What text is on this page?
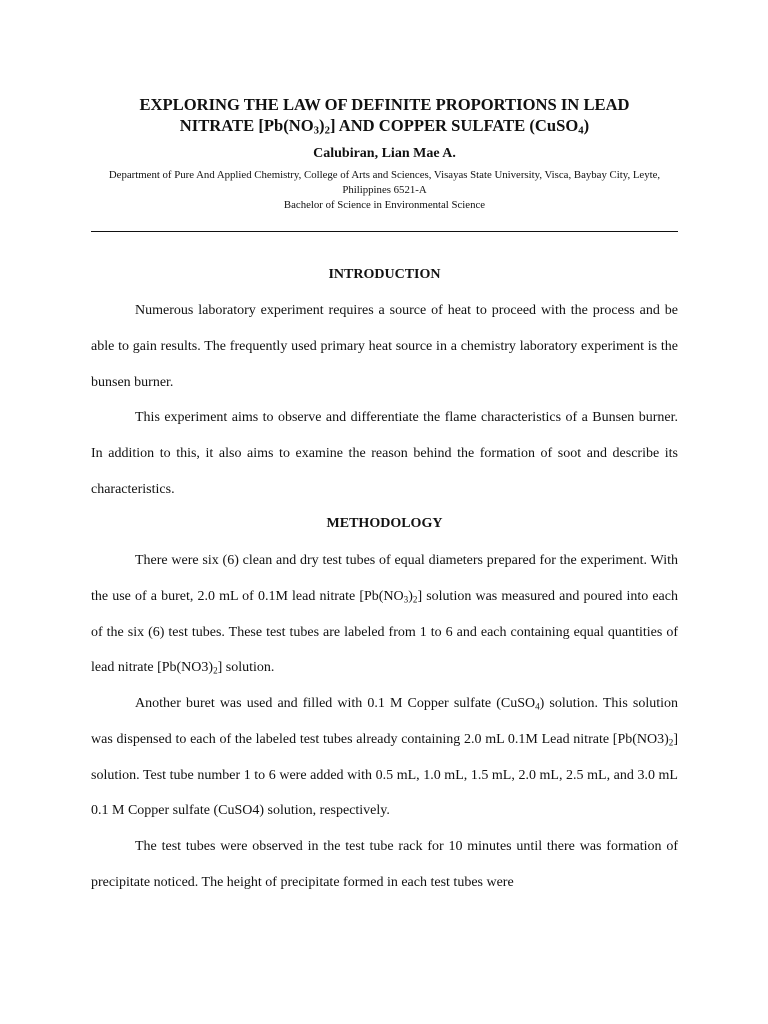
EXPLORING THE LAW OF DEFINITE PROPORTIONS IN LEAD
NITRATE $[Pb(NO_3)_2]$ AND COPPER SULFATE (CuSO$_4$)

Calubiran, Lian Mae A.

Department of Pure And Applied Chemistry, College of Arts and Sciences, Visayas State University, Visca, Baybay City, Leyte,
Philippines 6521-A
Bachelor of Science in Environmental Science

INTRODUCTION

Numerous laboratory experiment requires a source of heat to proceed with the process and be able to gain results. The frequently used primary heat source in a chemistry laboratory experiment is the bunsen burner.

This experiment aims to observe and differentiate the flame characteristics of a Bunsen burner. In addition to this, it also aims to examine the reason behind the formation of soot and describe its characteristics.

METHODOLOGY

There were six (6) clean and dry test tubes of equal diameters prepared for the experiment. With the use of a buret, 2.0 mL of 0.1M lead nitrate $[Pb(NO_3)_2]$ solution was measured and poured into each of the six (6) test tubes. These test tubes are labeled from 1 to 6 and each containing equal quantities of lead nitrate $[Pb(NO3)_2]$ solution.

Another buret was used and filled with 0.1 M Copper sulfate (CuSO$_4$) solution. This solution was dispensed to each of the labeled test tubes already containing 2.0 mL 0.1M Lead nitrate $[Pb(NO3)_2]$ solution. Test tube number 1 to 6 were added with 0.5 mL, 1.0 mL, 1.5 mL, 2.0 mL, 2.5 mL, and 3.0 mL 0.1 M Copper sulfate (CuSO4) solution, respectively.

The test tubes were observed in the test tube rack for 10 minutes until there was formation of precipitate noticed. The height of precipitate formed in each test tubes were
